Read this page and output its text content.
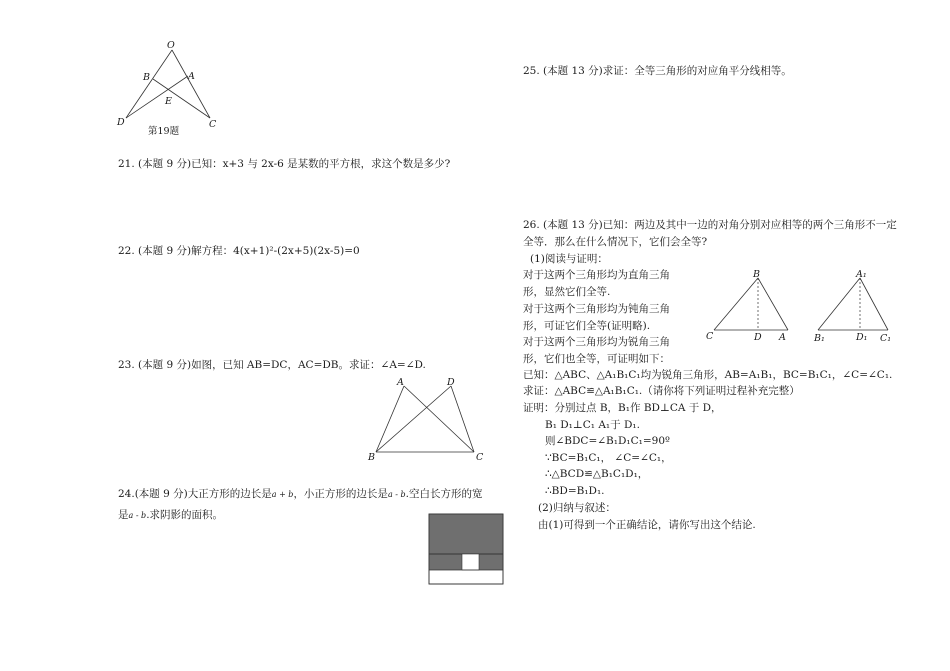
O
B	A
E
D	C
第19题
21. (本题 9 分)已知：x+3 与 2x-6 是某数的平方根，求这个数是多少?
22. (本题 9 分)解方程：4(x+1)²-(2x+5)(2x-5)=0
23. (本题 9 分)如图，已知 AB=DC，AC=DB。求证：∠A=∠D.
A	D
B	C
24.(本题 9 分)大正方形的边长是a + b，小正方形的边长是a - b.空白长方形的宽
是a - b.求阴影的面积。
25. (本题 13 分)求证：全等三角形的对应角平分线相等。
26. (本题 13 分)已知：两边及其中一边的对角分别对应相等的两个三角形不一定
全等．那么在什么情况下，它们会全等?
(1)阅读与证明：
对于这两个三角形均为直角三角
形，显然它们全等.
对于这两个三角形均为钝角三角
形，可证它们全等(证明略).
对于这两个三角形均为锐角三角
形，它们也全等，可证明如下：
已知：△ABC、△A₁B₁C₁均为锐角三角形，AB=A₁B₁，BC=B₁C₁，∠C=∠C₁.
求证：△ABC≌△A₁B₁C₁.（请你将下列证明过程补充完整）
证明：分别过点 B，B₁作 BD⊥CA 于 D，
B₁ D₁⊥C₁ A₁于 D₁.
则∠BDC=∠B₁D₁C₁=90º
∵BC=B₁C₁， ∠C=∠C₁，
∴△BCD≌△B₁C₁D₁，
∴BD=B₁D₁.
(2)归纳与叙述：
由(1)可得到一个正确结论，请你写出这个结论.
B
C	D A
A₁
B₁	D₁ C₁
